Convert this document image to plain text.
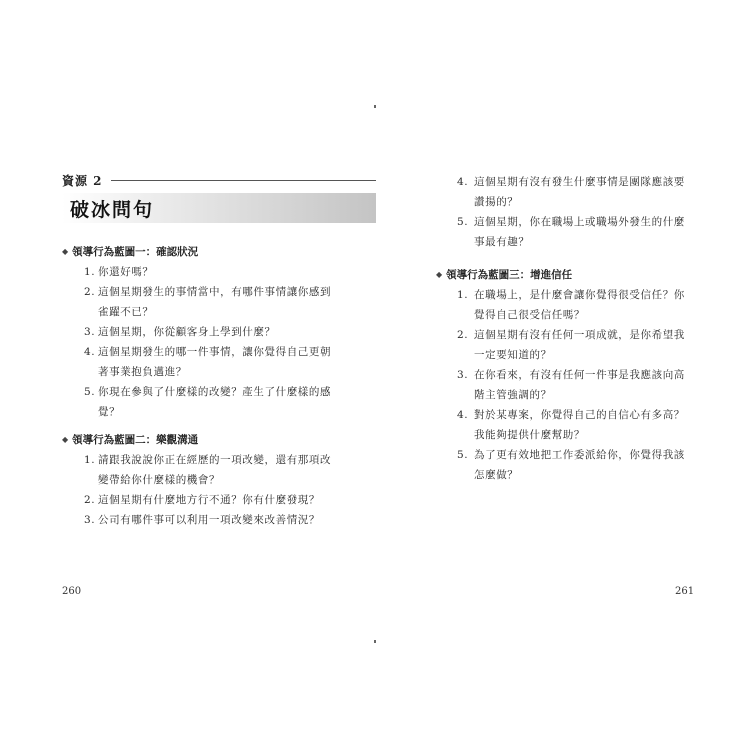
資源 2
破冰問句
◆ 領導行為藍圖一：確認狀況
1. 你還好嗎？
2. 這個星期發生的事情當中，有哪件事情讓你感到雀躍不已？
3. 這個星期，你從顧客身上學到什麼？
4. 這個星期發生的哪一件事情，讓你覺得自己更朝著事業抱負邁進？
5. 你現在參與了什麼樣的改變？產生了什麼樣的感覺？
◆ 領導行為藍圖二：樂觀溝通
1. 請跟我說說你正在經歷的一項改變，還有那項改變帶給你什麼樣的機會？
2. 這個星期有什麼地方行不通？你有什麼發現？
3. 公司有哪件事可以利用一項改變來改善情況？
260
4. 這個星期有沒有發生什麼事情是團隊應該要讚揚的？
5. 這個星期，你在職場上或職場外發生的什麼事最有趣？
◆ 領導行為藍圖三：增進信任
1. 在職場上，是什麼會讓你覺得很受信任？你覺得自己很受信任嗎？
2. 這個星期有沒有任何一項成就，是你希望我一定要知道的？
3. 在你看來，有沒有任何一件事是我應該向高階主管強調的？
4. 對於某專案，你覺得自己的自信心有多高？我能夠提供什麼幫助？
5. 為了更有效地把工作委派給你，你覺得我該怎麼做？
261
